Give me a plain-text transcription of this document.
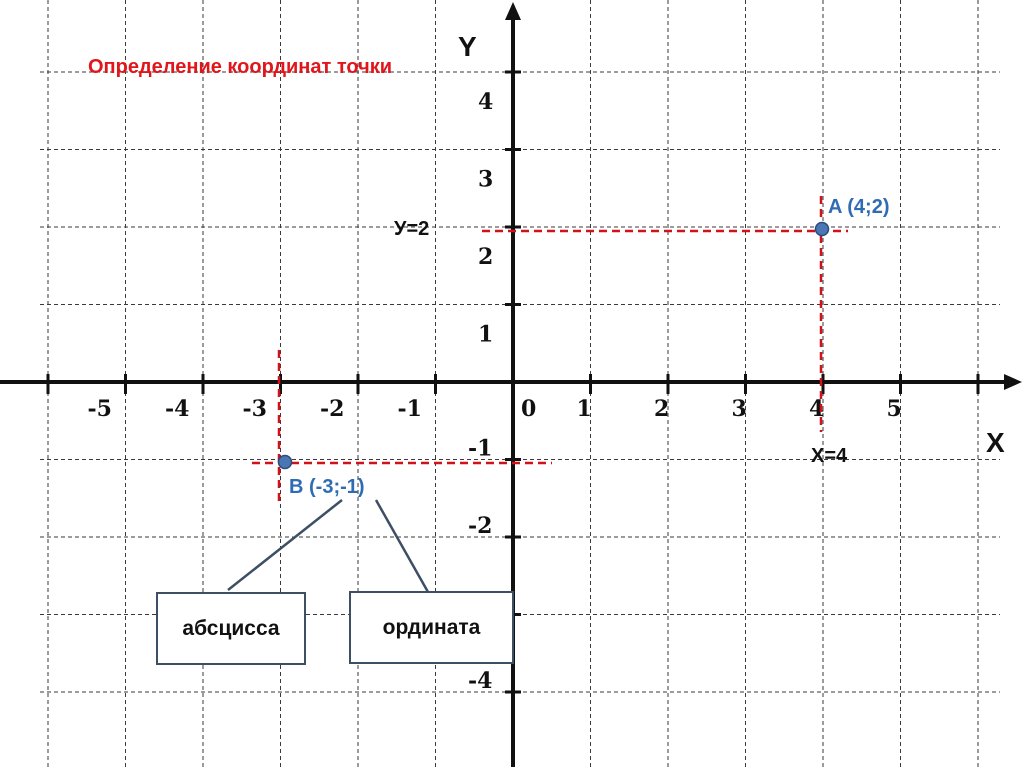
Y
X
-5 -4 -3 -2 -1	0 1	2	3	4	5
1
2
3
4
-1
-2
-4
У=2
X=4
A (4;2)
B (-3;-1)
Определение координат точки
абсцисса	ордината
